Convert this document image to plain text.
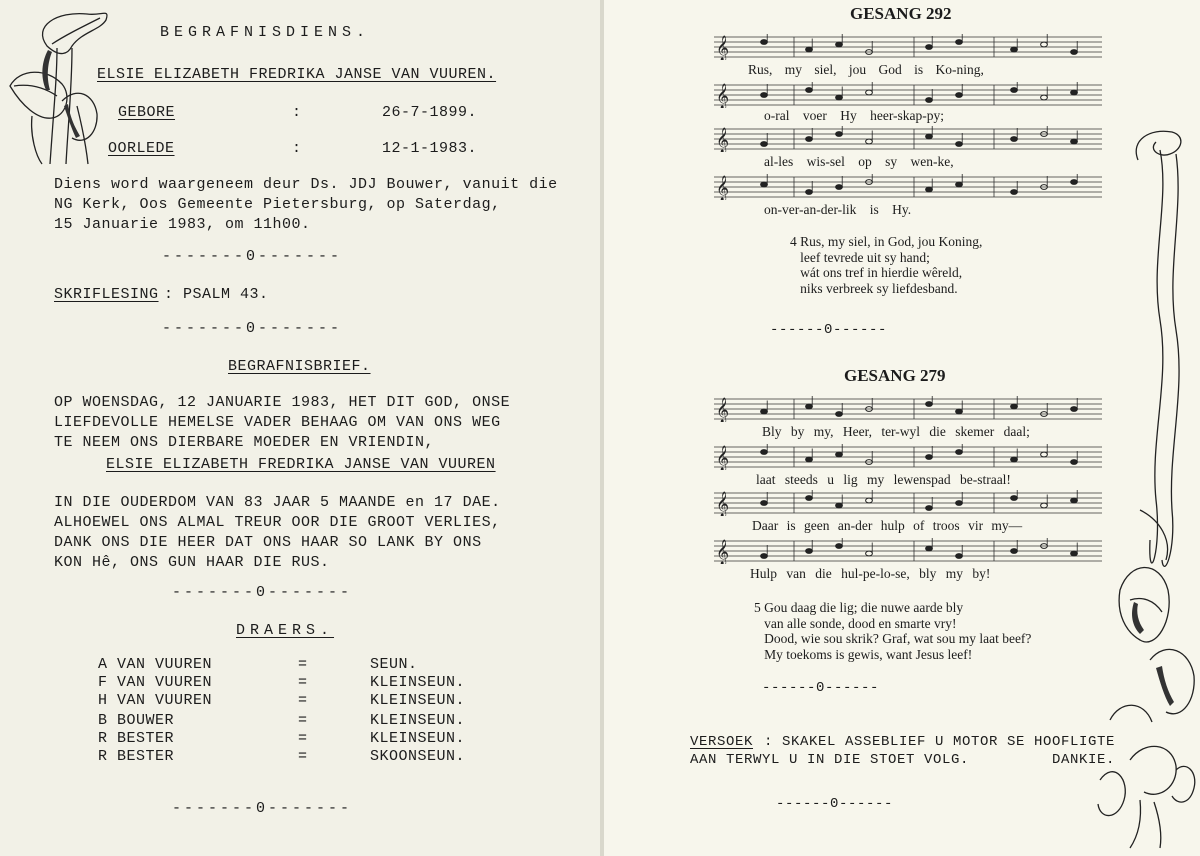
BEGRAFNISDIENS.
ELSIE ELIZABETH FREDRIKA JANSE VAN VUUREN.
GEBORE	:	26-7-1899.
OORLEDE	:	12-1-1983.
Diens word waargeneem deur Ds. JDJ Bouwer, vanuit die
NG Kerk, Oos Gemeente Pietersburg, op Saterdag,
15 Januarie 1983, om 11h00.
-------0-------
SKRIFLESING : PSALM 43.
-------0-------
BEGRAFNISBRIEF.
OP WOENSDAG, 12 JANUARIE 1983, HET DIT GOD, ONSE
LIEFDEVOLLE HEMELSE VADER BEHAAG OM VAN ONS WEG
TE NEEM ONS DIERBARE MOEDER EN VRIENDIN,
ELSIE ELIZABETH FREDRIKA JANSE VAN VUUREN
IN DIE OUDERDOM VAN 83 JAAR 5 MAANDE en 17 DAE.
ALHOEWEL ONS ALMAL TREUR OOR DIE GROOT VERLIES,
DANK ONS DIE HEER DAT ONS HAAR SO LANK BY ONS
KON Hê, ONS GUN HAAR DIE RUS.
-------0-------
DRAERS.
A VAN VUUREN	=	SEUN.
F VAN VUUREN	=	KLEINSEUN.
H VAN VUUREN	=	KLEINSEUN.
B BOUWER	=	KLEINSEUN.
R BESTER	=	KLEINSEUN.
R BESTER	=	SKOONSEUN.
-------0-------
GESANG 292
𝄞
Rus, my siel, jou God is Ko-ning,
𝄞
o-ral voer Hy heer-skap-py;
𝄞
al-les wis-sel op sy wen-ke,
𝄞
on-ver-an-der-lik is Hy.
4 Rus, my siel, in God, jou Koning,
leef tevrede uit sy hand;
wát ons tref in hierdie wêreld,
niks verbreek sy liefdesband.
------0------
GESANG 279
𝄞
Bly by my, Heer, ter-wyl die skemer daal;
𝄞
laat steeds u lig my lewenspad be-straal!
𝄞
Daar is geen an-der hulp of troos vir my—
𝄞
Hulp van die hul-pe-lo-se, bly my by!
5 Gou daag die lig; die nuwe aarde bly
van alle sonde, dood en smarte vry!
Dood, wie sou skrik? Graf, wat sou my laat beef?
My toekoms is gewis, want Jesus leef!
------0------
VERSOEK : SKAKEL ASSEBLIEF U MOTOR SE HOOFLIGTE
AAN TERWYL U IN DIE STOET VOLG.	DANKIE.
------0------
